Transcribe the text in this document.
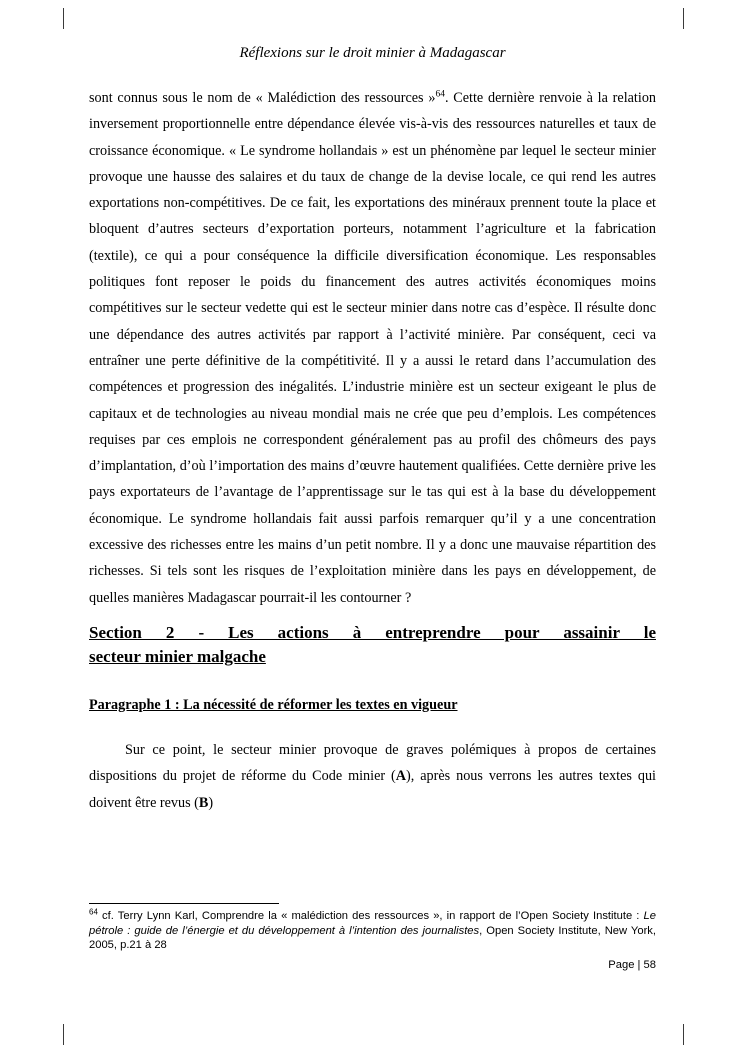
Réflexions sur le droit minier à Madagascar

sont connus sous le nom de « Malédiction des ressources »$^{64}$. Cette dernière renvoie à la relation inversement proportionnelle entre dépendance élevée vis-à-vis des ressources naturelles et taux de croissance économique. « Le syndrome hollandais » est un phénomène par lequel le secteur minier provoque une hausse des salaires et du taux de change de la devise locale, ce qui rend les autres exportations non-compétitives. De ce fait, les exportations des minéraux prennent toute la place et bloquent d’autres secteurs d’exportation porteurs, notamment l’agriculture et la fabrication (textile), ce qui a pour conséquence la difficile diversification économique. Les responsables politiques font reposer le poids du financement des autres activités économiques moins compétitives sur le secteur vedette qui est le secteur minier dans notre cas d’espèce. Il résulte donc une dépendance des autres activités par rapport à l’activité minière. Par conséquent, ceci va entraîner une perte définitive de la compétitivité. Il y a aussi le retard dans l’accumulation des compétences et progression des inégalités. L’industrie minière est un secteur exigeant le plus de capitaux et de technologies au niveau mondial mais ne crée que peu d’emplois. Les compétences requises par ces emplois ne correspondent généralement pas au profil des chômeurs des pays d’implantation, d’où l’importation des mains d’œuvre hautement qualifiées. Cette dernière prive les pays exportateurs de l’avantage de l’apprentissage sur le tas qui est à la base du développement économique. Le syndrome hollandais fait aussi parfois remarquer qu’il y a une concentration excessive des richesses entre les mains d’un petit nombre. Il y a donc une mauvaise répartition des richesses. Si tels sont les risques de l’exploitation minière dans les pays en développement, de quelles manières Madagascar pourrait-il les contourner ?

Section 2 - Les actions à entreprendre pour assainir le
secteur minier malgache
Paragraphe 1 : La nécessité de réformer les textes en vigueur

Sur ce point, le secteur minier provoque de graves polémiques à propos de certaines dispositions du projet de réforme du Code minier (A), après nous verrons les autres textes qui doivent être revus (B)

$^{64}$ cf. Terry Lynn Karl, Comprendre la « malédiction des ressources », in rapport de l’Open Society Institute : Le pétrole : guide de l’énergie et du développement à l’intention des journalistes, Open Society Institute, New York, 2005, p.21 à 28

Page | 58
